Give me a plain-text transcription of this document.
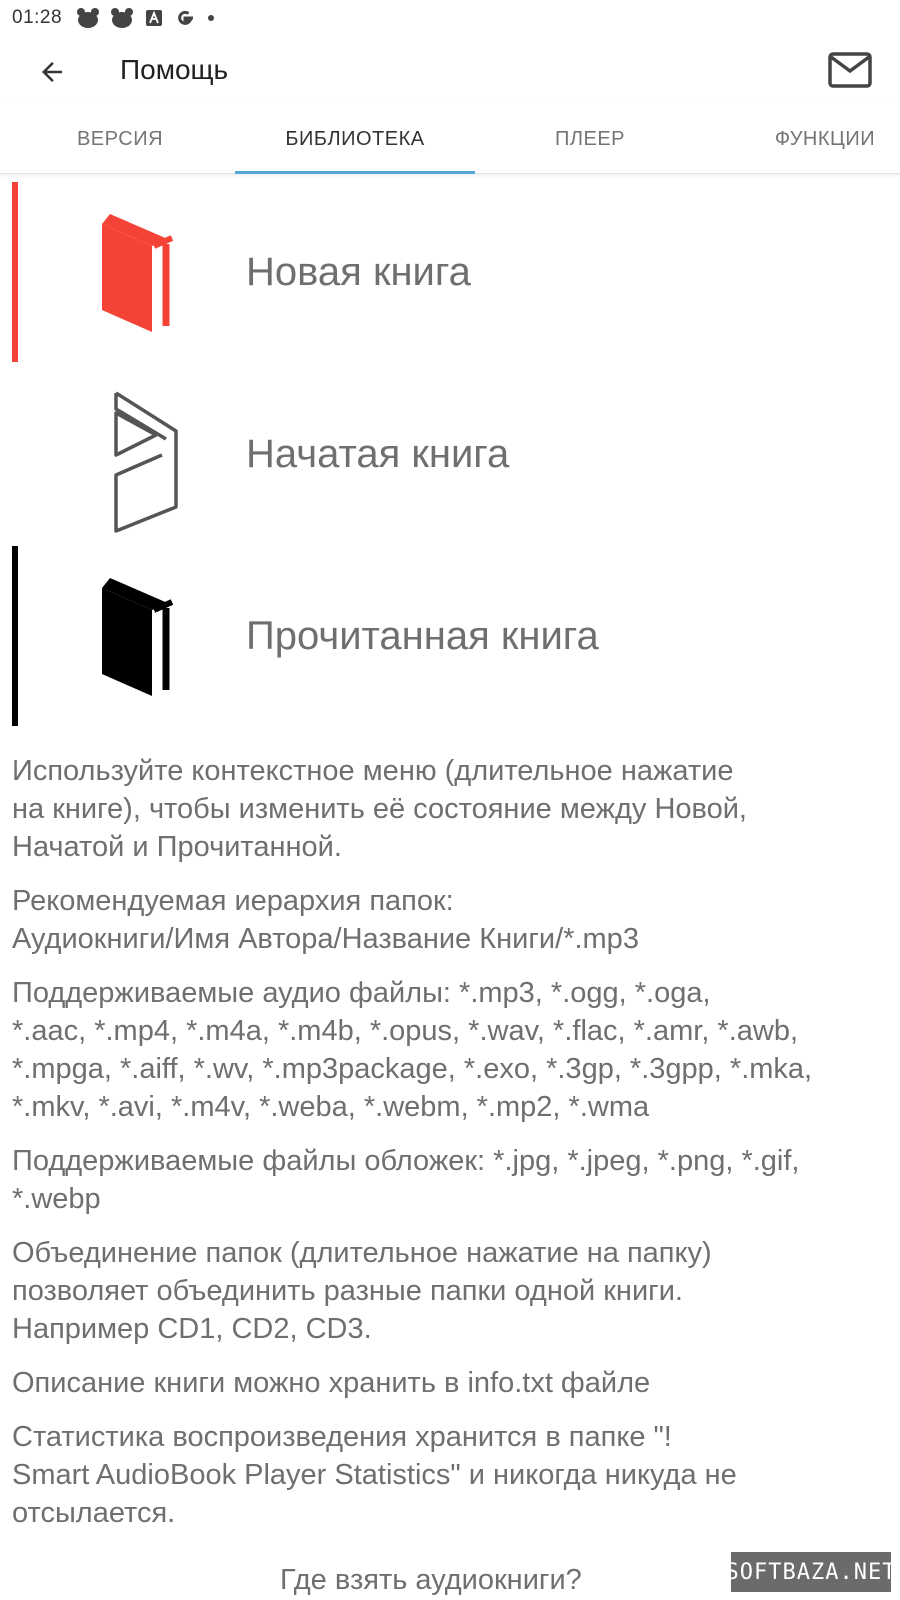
01:28
Помощь
ВЕРСИЯ	БИБЛИОТЕКА	ПЛЕЕР	ФУНКЦИИ
Новая книга
Начатая книга
Прочитанная книга

Используйте контекстное меню (длительное нажатие
на книге), чтобы изменить её состояние между Новой,
Начатой и Прочитанной.

Рекомендуемая иерархия папок:
Аудиокниги/Имя Автора/Название Книги/*.mp3

Поддерживаемые аудио файлы: *.mp3, *.ogg, *.oga,
*.aac, *.mp4, *.m4a, *.m4b, *.opus, *.wav, *.flac, *.amr, *.awb,
*.mpga, *.aiff, *.wv, *.mp3package, *.exo, *.3gp, *.3gpp, *.mka,
*.mkv, *.avi, *.m4v, *.weba, *.webm, *.mp2, *.wma

Поддерживаемые файлы обложек: *.jpg, *.jpeg, *.png, *.gif,
*.webp

Объединение папок (длительное нажатие на папку)
позволяет объединить разные папки одной книги.
Например CD1, CD2, CD3.

Описание книги можно хранить в info.txt файле

Статистика воспроизведения хранится в папке "!
Smart AudioBook Player Statistics" и никогда никуда не
отсылается.

Где взять аудиокниги?	SOFTBAZA.NET
